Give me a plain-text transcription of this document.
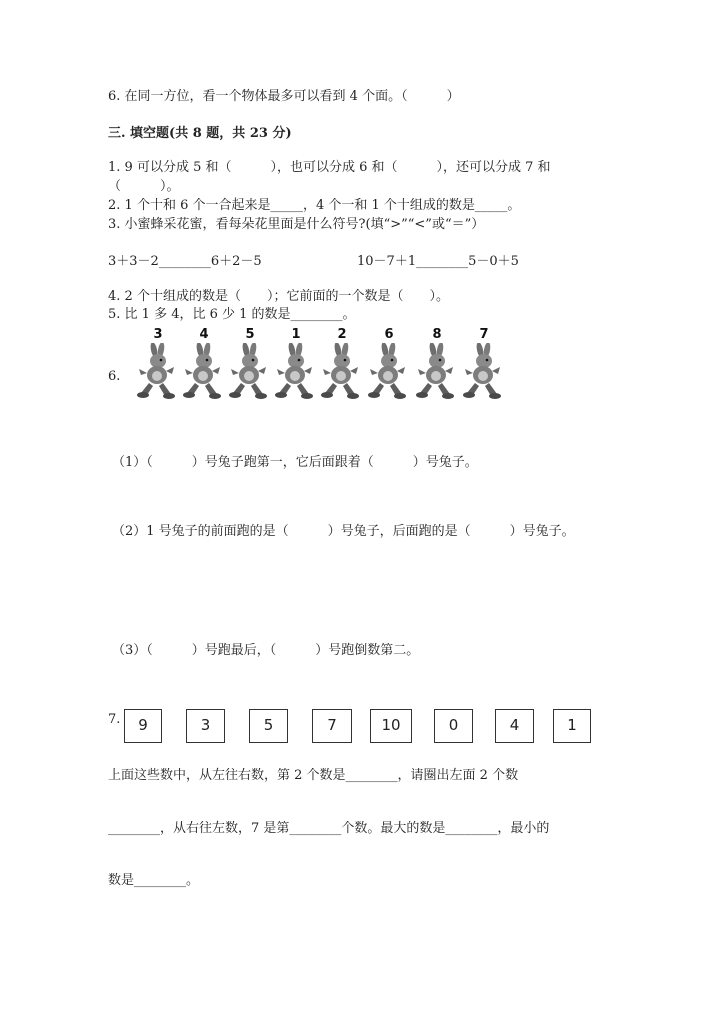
6. 在同一方位，看一个物体最多可以看到 4 个面。（　　　）
三. 填空题(共 8 题，共 23 分)
1. 9 可以分成 5 和（　　　），也可以分成 6 和（　　　），还可以分成 7 和
（　　　）。
2. 1 个十和 6 个一合起来是_____，4 个一和 1 个十组成的数是_____。
3. 小蜜蜂采花蜜，看每朵花里面是什么符号?(填“>”“<”或“＝”）
3＋3－2________6＋2－5	10－7＋1________5－0＋5
4. 2 个十组成的数是（　　）；它前面的一个数是（　　）。
5. 比 1 多 4，比 6 少 1 的数是________。
6.
3	4	5	1	2	6	8	7
（1）（　　　）号兔子跑第一，它后面跟着（　　　）号兔子。
（2）1 号兔子的前面跑的是（　　　）号兔子，后面跑的是（　　　）号兔子。
（3）（　　　）号跑最后，（　　　）号跑倒数第二。
7.	9	3	5	7	10	0	4	1
上面这些数中，从左往右数，第 2 个数是________，请圈出左面 2 个数
________，从右往左数，7 是第________个数。最大的数是________，最小的
数是________。
